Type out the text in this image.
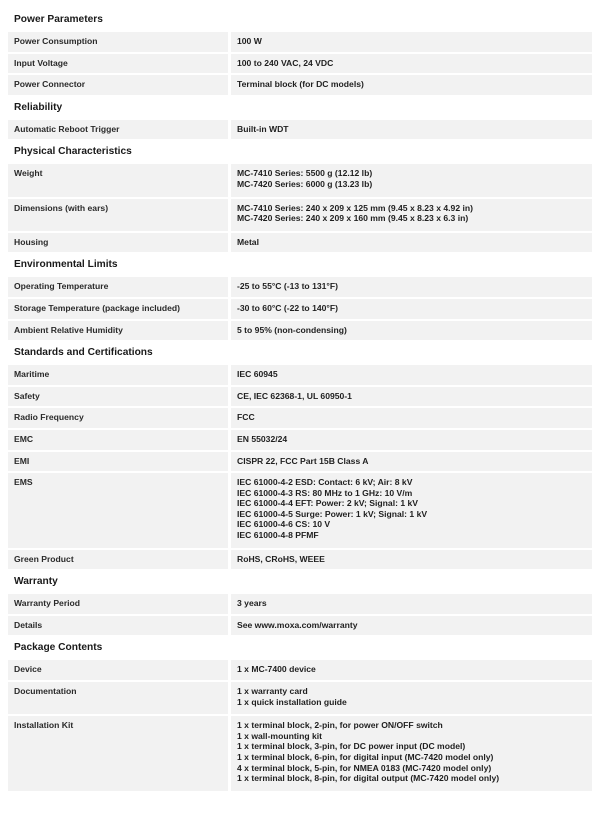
Power Parameters
Power Consumption	100 W
Input Voltage	100 to 240 VAC, 24 VDC
Power Connector	Terminal block (for DC models)
Reliability
Automatic Reboot Trigger	Built-in WDT
Physical Characteristics
Weight	MC-7410 Series: 5500 g (12.12 lb)
MC-7420 Series: 6000 g (13.23 lb)
Dimensions (with ears)	MC-7410 Series: 240 x 209 x 125 mm (9.45 x 8.23 x 4.92 in)
MC-7420 Series: 240 x 209 x 160 mm (9.45 x 8.23 x 6.3 in)
Housing	Metal
Environmental Limits
Operating Temperature	-25 to 55°C (-13 to 131°F)
Storage Temperature (package included)	-30 to 60°C (-22 to 140°F)
Ambient Relative Humidity	5 to 95% (non-condensing)
Standards and Certifications
Maritime	IEC 60945
Safety	CE, IEC 62368-1, UL 60950-1
Radio Frequency	FCC
EMC	EN 55032/24
EMI	CISPR 22, FCC Part 15B Class A
EMS	IEC 61000-4-2 ESD: Contact: 6 kV; Air: 8 kV
IEC 61000-4-3 RS: 80 MHz to 1 GHz: 10 V/m
IEC 61000-4-4 EFT: Power: 2 kV; Signal: 1 kV
IEC 61000-4-5 Surge: Power: 1 kV; Signal: 1 kV
IEC 61000-4-6 CS: 10 V
IEC 61000-4-8 PFMF
Green Product	RoHS, CRoHS, WEEE
Warranty
Warranty Period	3 years
Details	See www.moxa.com/warranty
Package Contents
Device	1 x MC-7400 device
Documentation	1 x warranty card
1 x quick installation guide
Installation Kit	1 x terminal block, 2-pin, for power ON/OFF switch
1 x wall-mounting kit
1 x terminal block, 3-pin, for DC power input (DC model)
1 x terminal block, 6-pin, for digital input (MC-7420 model only)
4 x terminal block, 5-pin, for NMEA 0183 (MC-7420 model only)
1 x terminal block, 8-pin, for digital output (MC-7420 model only)
